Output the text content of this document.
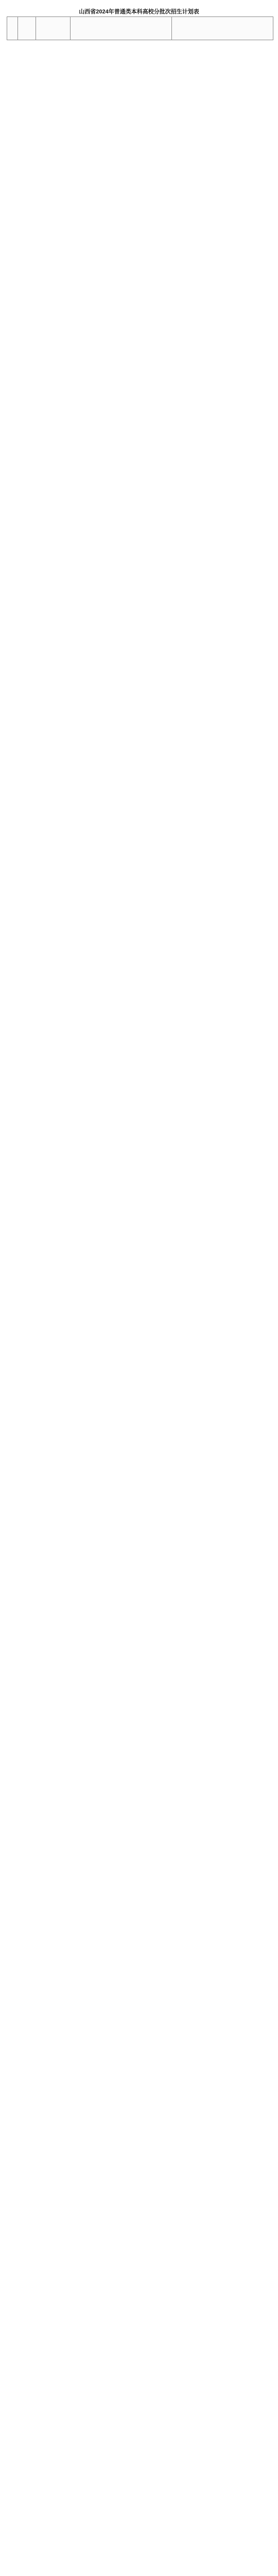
山西省2024年普通类本科高校分批次招生计划表
